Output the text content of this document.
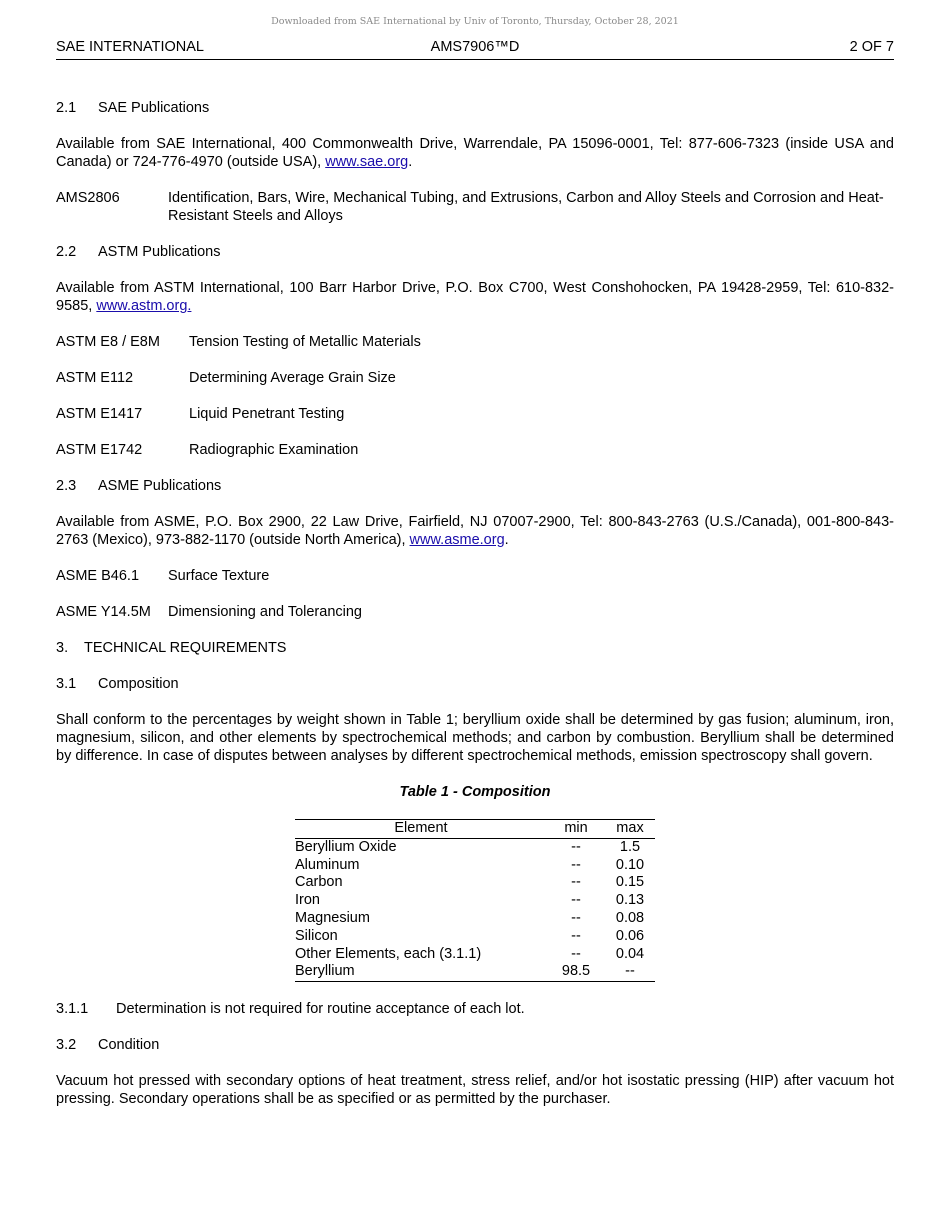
Downloaded from SAE International by Univ of Toronto, Thursday, October 28, 2021
SAE INTERNATIONAL	AMS7906™D	2 OF 7

2.1 SAE Publications

Available from SAE International, 400 Commonwealth Drive, Warrendale, PA 15096-0001, Tel: 877-606-7323 (inside USA and Canada) or 724-776-4970 (outside USA), www.sae.org.

AMS2806	Identification, Bars, Wire, Mechanical Tubing, and Extrusions, Carbon and Alloy Steels and Corrosion and Heat-Resistant Steels and Alloys

2.2 ASTM Publications

Available from ASTM International, 100 Barr Harbor Drive, P.O. Box C700, West Conshohocken, PA 19428-2959, Tel: 610-832-9585, www.astm.org.

ASTM E8 / E8M	Tension Testing of Metallic Materials
ASTM E112	Determining Average Grain Size
ASTM E1417	Liquid Penetrant Testing
ASTM E1742	Radiographic Examination

2.3 ASME Publications

Available from ASME, P.O. Box 2900, 22 Law Drive, Fairfield, NJ 07007-2900, Tel: 800-843-2763 (U.S./Canada), 001-800-843-2763 (Mexico), 973-882-1170 (outside North America), www.asme.org.

ASME B46.1	Surface Texture
ASME Y14.5M	Dimensioning and Tolerancing

3. TECHNICAL REQUIREMENTS

3.1 Composition

Shall conform to the percentages by weight shown in Table 1; beryllium oxide shall be determined by gas fusion; aluminum, iron, magnesium, silicon, and other elements by spectrochemical methods; and carbon by combustion. Beryllium shall be determined by difference. In case of disputes between analyses by different spectrochemical methods, emission spectroscopy shall govern.

Table 1 - Composition

Element	min	max
Beryllium Oxide	--	1.5
Aluminum	--	0.10
Carbon	--	0.15
Iron	--	0.13
Magnesium	--	0.08
Silicon	--	0.06
Other Elements, each (3.1.1)	--	0.04
Beryllium	98.5	--

3.1.1 Determination is not required for routine acceptance of each lot.

3.2 Condition

Vacuum hot pressed with secondary options of heat treatment, stress relief, and/or hot isostatic pressing (HIP) after vacuum hot pressing. Secondary operations shall be as specified or as permitted by the purchaser.
